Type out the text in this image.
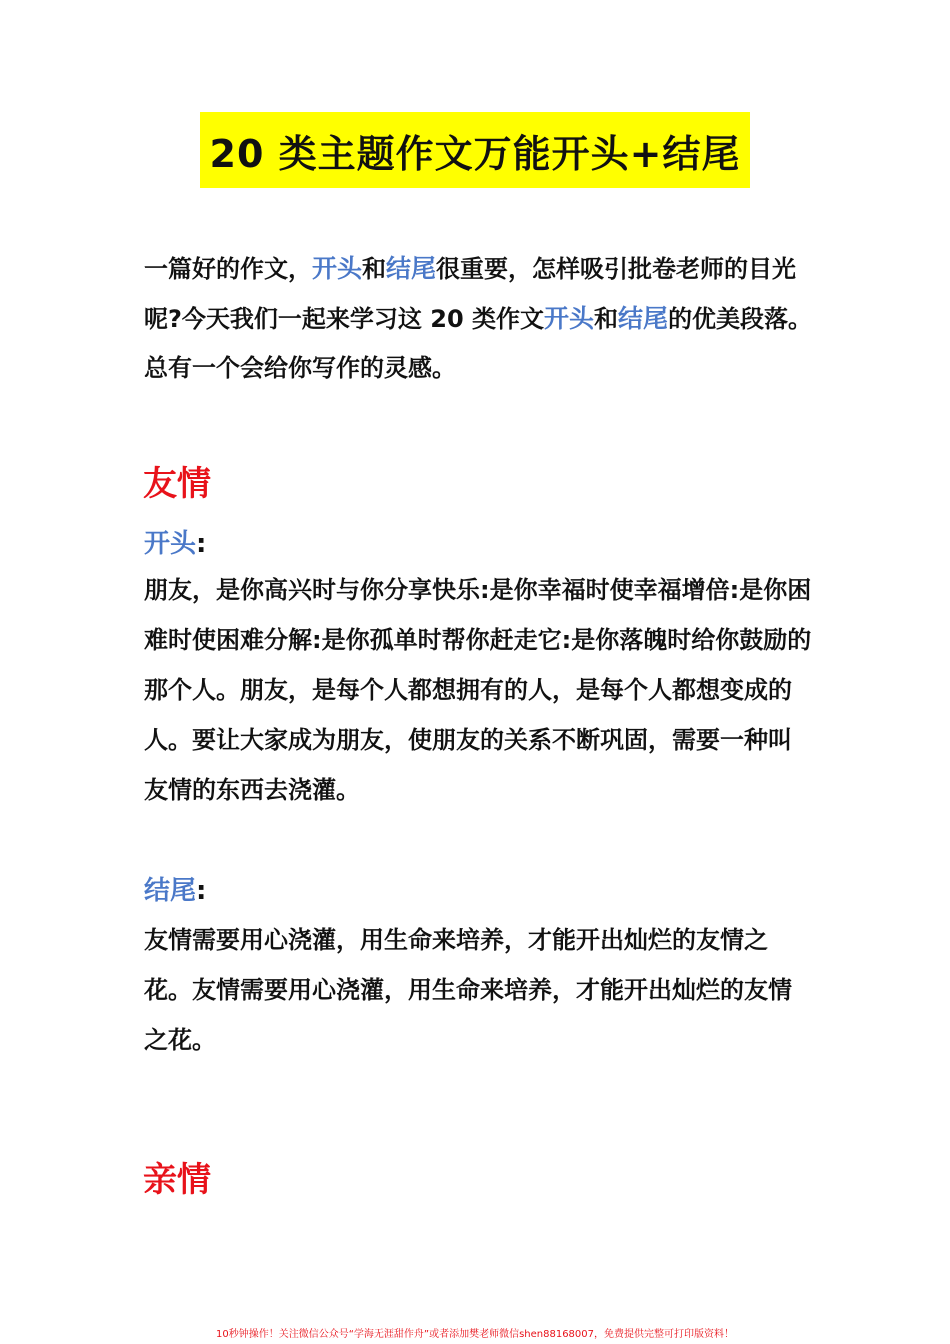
20 类主题作文万能开头+结尾
一篇好的作文，开头和结尾很重要，怎样吸引批卷老师的目光呢?今天我们一起来学习这 20 类作文开头和结尾的优美段落。 总有一个会给你写作的灵感。
友情
开头:
朋友，是你高兴时与你分享快乐:是你幸福时使幸福增倍:是你困难时使困难分解:是你孤单时帮你赶走它:是你落魄时给你鼓励的那个人。朋友，是每个人都想拥有的人，是每个人都想变成的人。要让大家成为朋友，使朋友的关系不断巩固，需要一种叫友情的东西去浇灌。
结尾:
友情需要用心浇灌，用生命来培养，才能开出灿烂的友情之花。友情需要用心浇灌，用生命来培养，才能开出灿烂的友情之花。
亲情
10秒钟操作！关注微信公众号“学海无涯甜作舟”或者添加樊老师微信shen88168007，免费提供完整可打印版资料！
